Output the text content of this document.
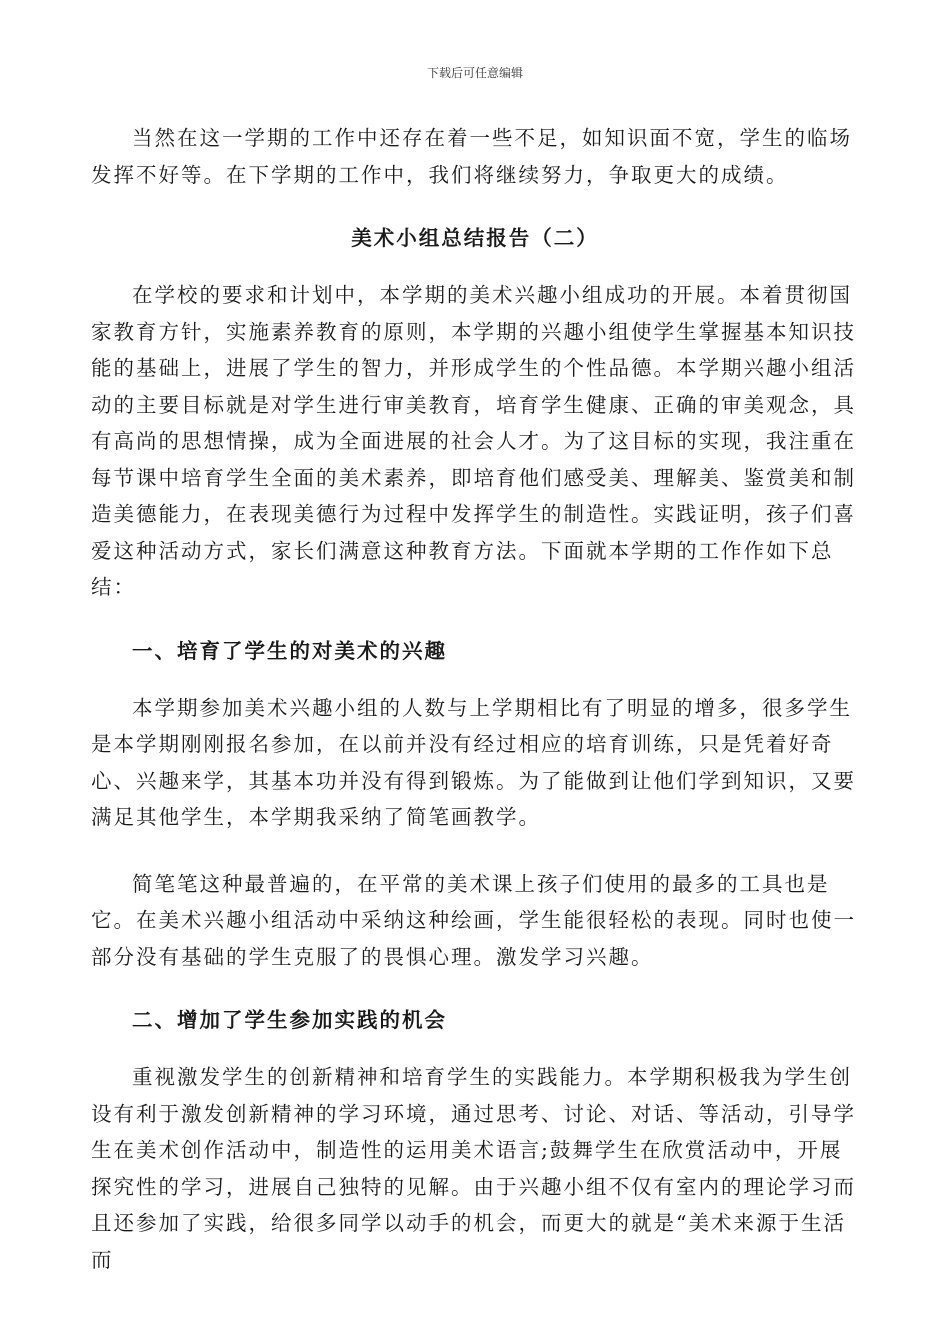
下载后可任意编辑

当然在这一学期的工作中还存在着一些不足，如知识面不宽，学生的临场发挥不好等。在下学期的工作中，我们将继续努力，争取更大的成绩。

美术小组总结报告（二）

在学校的要求和计划中，本学期的美术兴趣小组成功的开展。本着贯彻国家教育方针，实施素养教育的原则，本学期的兴趣小组使学生掌握基本知识技能的基础上，进展了学生的智力，并形成学生的个性品德。本学期兴趣小组活动的主要目标就是对学生进行审美教育，培育学生健康、正确的审美观念，具有高尚的思想情操，成为全面进展的社会人才。为了这目标的实现，我注重在每节课中培育学生全面的美术素养，即培育他们感受美、理解美、鉴赏美和制造美德能力，在表现美德行为过程中发挥学生的制造性。实践证明，孩子们喜爱这种活动方式，家长们满意这种教育方法。下面就本学期的工作作如下总结：

一、培育了学生的对美术的兴趣

本学期参加美术兴趣小组的人数与上学期相比有了明显的增多，很多学生是本学期刚刚报名参加，在以前并没有经过相应的培育训练，只是凭着好奇心、兴趣来学，其基本功并没有得到锻炼。为了能做到让他们学到知识，又要满足其他学生，本学期我采纳了简笔画教学。

简笔笔这种最普遍的，在平常的美术课上孩子们使用的最多的工具也是它。在美术兴趣小组活动中采纳这种绘画，学生能很轻松的表现。同时也使一部分没有基础的学生克服了的畏惧心理。激发学习兴趣。

二、增加了学生参加实践的机会

重视激发学生的创新精神和培育学生的实践能力。本学期积极我为学生创设有利于激发创新精神的学习环境，通过思考、讨论、对话、等活动，引导学生在美术创作活动中，制造性的运用美术语言;鼓舞学生在欣赏活动中，开展探究性的学习，进展自己独特的见解。由于兴趣小组不仅有室内的理论学习而且还参加了实践，给很多同学以动手的机会，而更大的就是“美术来源于生活而
